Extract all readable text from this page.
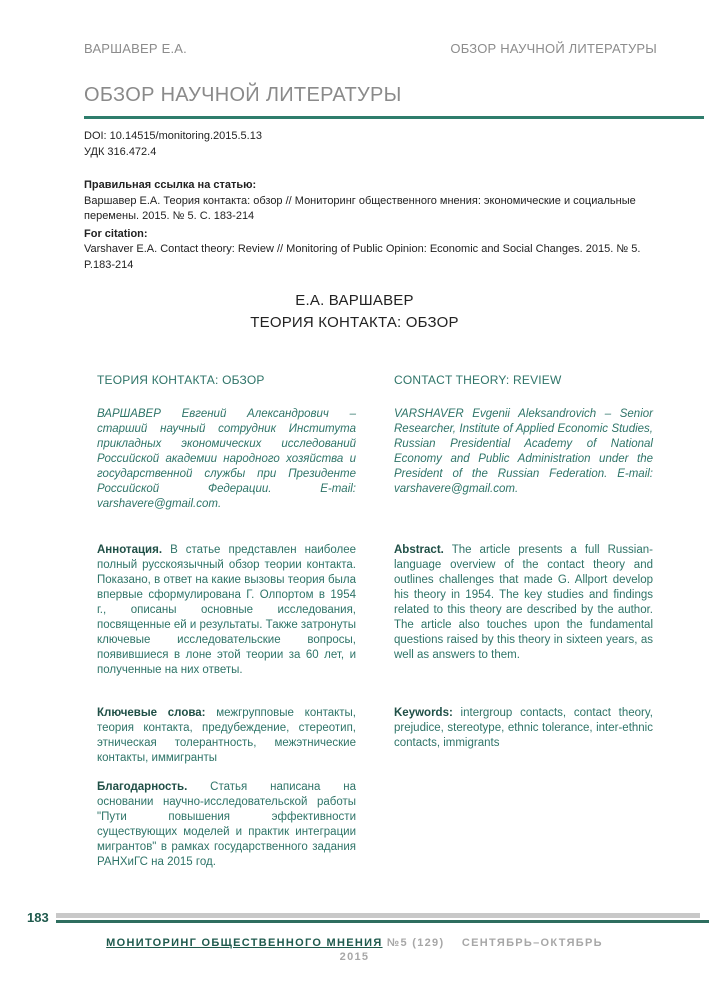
ВАРШАВЕР Е.А.	ОБЗОР НАУЧНОЙ ЛИТЕРАТУРЫ
ОБЗОР НАУЧНОЙ ЛИТЕРАТУРЫ

DOI: 10.14515/monitoring.2015.5.13

УДК 316.472.4

Правильная ссылка на статью:

Варшавер Е.А. Теория контакта: обзор // Мониторинг общественного мнения: экономические и социальные перемены. 2015. № 5. С. 183-214

For citation:

Varshaver E.A. Contact theory: Review // Monitoring of Public Opinion: Economic and Social Changes. 2015. № 5. P.183-214

Е.А. ВАРШАВЕР
ТЕОРИЯ КОНТАКТА: ОБЗОР
ТЕОРИЯ КОНТАКТА: ОБЗОР
ВАРШАВЕР Евгений Александрович – старший научный сотрудник Института прикладных экономических исследований Российской академии народного хозяйства и государственной службы при Президенте Российской Федерации. E-mail: varshavere@gmail.com.
Аннотация. В статье представлен наиболее полный русскоязычный обзор теории контакта. Показано, в ответ на какие вызовы теория была впервые сформулирована Г. Олпортом в 1954 г., описаны основные исследования, посвященные ей и результаты. Также затронуты ключевые исследовательские вопросы, появившиеся в лоне этой теории за 60 лет, и полученные на них ответы.
Ключевые слова: межгрупповые контакты, теория контакта, предубеждение, стереотип, этническая толерантность, межэтнические контакты, иммигранты
Благодарность. Статья написана на основании научно-исследовательской работы "Пути повышения эффективности существующих моделей и практик интеграции мигрантов" в рамках государственного задания РАНХиГС на 2015 год.
CONTACT THEORY: REVIEW
VARSHAVER Evgenii Aleksandrovich – Senior Researcher, Institute of Applied Economic Studies, Russian Presidential Academy of National Economy and Public Administration under the President of the Russian Federation. E-mail: varshavere@gmail.com.
Abstract. The article presents a full Russian-language overview of the contact theory and outlines challenges that made G. Allport develop his theory in 1954. The key studies and findings related to this theory are described by the author. The article also touches upon the fundamental questions raised by this theory in sixteen years, as well as answers to them.
Keywords: intergroup contacts, contact theory, prejudice, stereotype, ethnic tolerance, inter-ethnic contacts, immigrants
183
МОНИТОРИНГ ОБЩЕСТВЕННОГО МНЕНИЯ №5 (129) СЕНТЯБРЬ–ОКТЯБРЬ
2015
